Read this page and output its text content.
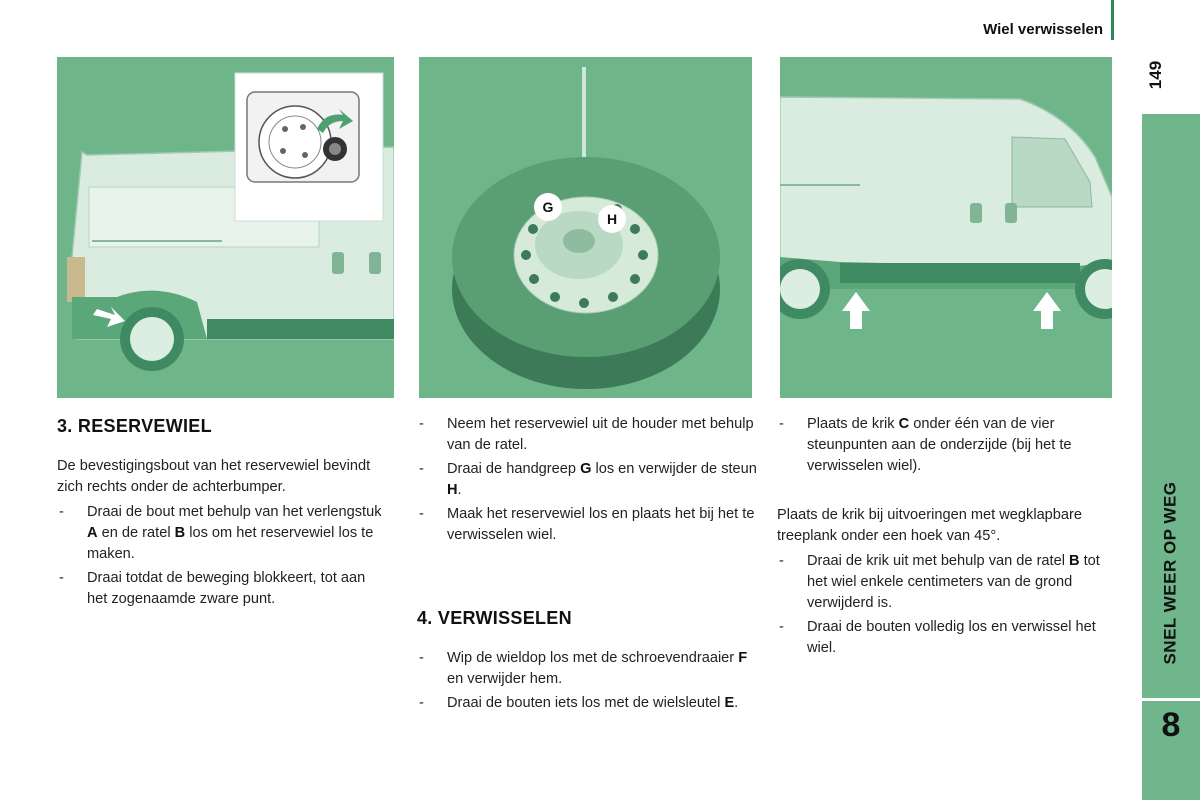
Wiel verwisselen
149
SNEL WEER OP WEG
8
G
H
3. RESERVEWIEL

De bevestigingsbout van het reservewiel bevindt zich rechts onder de achterbumper.

- Draai de bout met behulp van het verlengstuk A en de ratel B los om het reservewiel los te maken.
- Draai totdat de beweging blokkeert, tot aan het zogenaamde zware punt.
- Neem het reservewiel uit de houder met behulp van de ratel.
- Draai de handgreep G los en verwijder de steun H.
- Maak het reservewiel los en plaats het bij het te verwisselen wiel.
4. VERWISSELEN
- Wip de wieldop los met de schroevendraaier F en verwijder hem.
- Draai de bouten iets los met de wielsleutel E.
- Plaats de krik C onder één van de vier steunpunten aan de onderzijde (bij het te verwisselen wiel).

Plaats de krik bij uitvoeringen met wegklapbare treeplank onder een hoek van 45°.

- Draai de krik uit met behulp van de ratel B tot het wiel enkele centimeters van de grond verwijderd is.
- Draai de bouten volledig los en verwissel het wiel.
